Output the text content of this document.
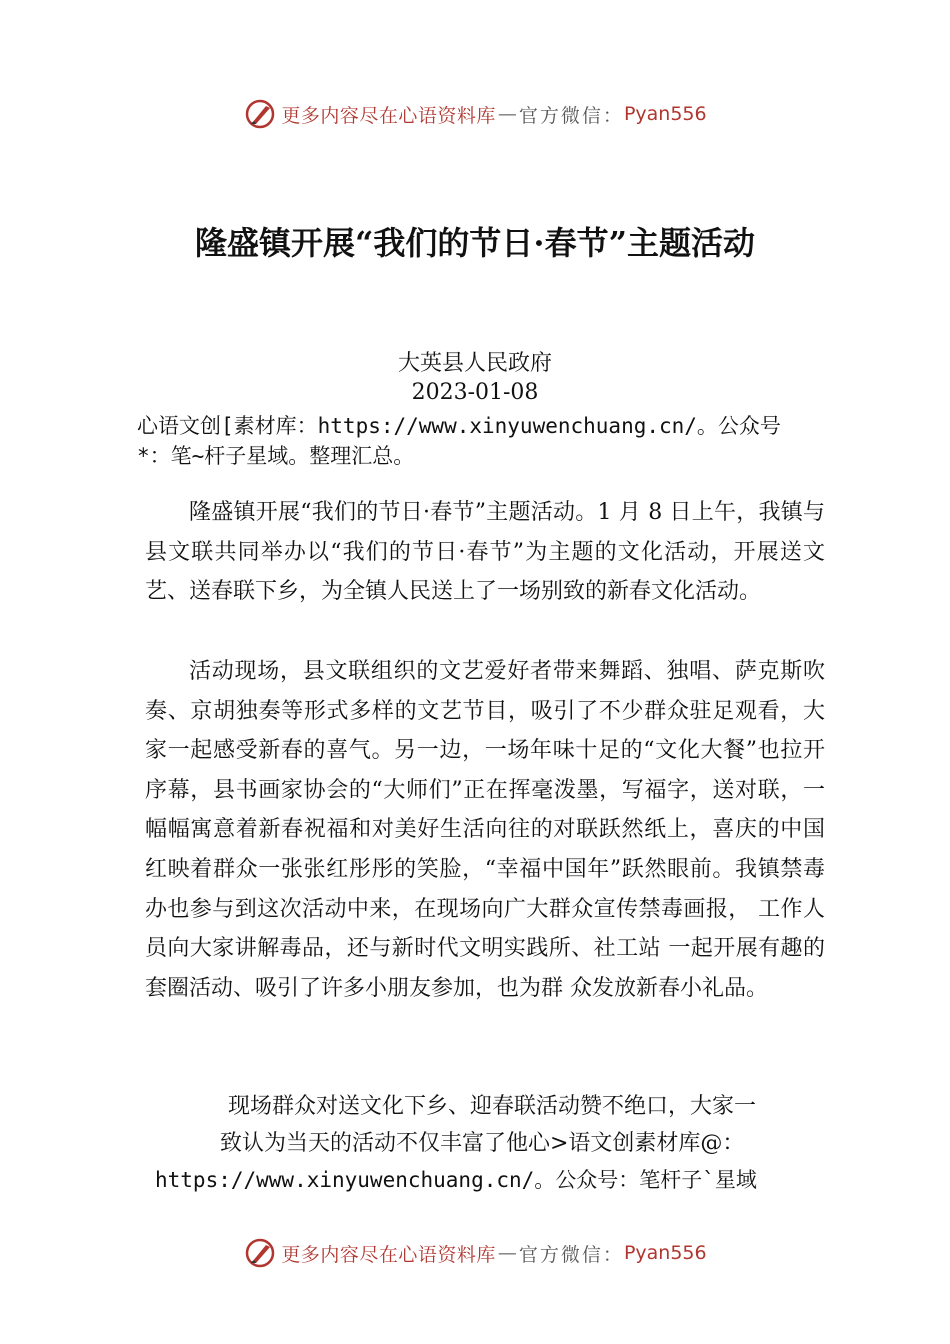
更多内容尽在心语资料库 — 官方微信： Pyan556
隆盛镇开展“我们的节日·春节”主题活动
大英县人民政府
2023-01-08
心语文创[素材库：https://www.xinyuwenchuang.cn/。公众号
*：笔~杆子星域。整理汇总。

隆盛镇开展“我们的节日·春节”主题活动。1 月 8 日上午，我镇与县文联共同举办以“我们的节日·春节”为主题的文化活动，开展送文艺、送春联下乡，为全镇人民送上了一场别致的新春文化活动。

活动现场，县文联组织的文艺爱好者带来舞蹈、独唱、萨克斯吹奏、京胡独奏等形式多样的文艺节目，吸引了不少群众驻足观看，大家一起感受新春的喜气。另一边，一场年味十足的“文化大餐”也拉开序幕，县书画家协会的“大师们”正在挥毫泼墨，写福字，送对联，一幅幅寓意着新春祝福和对美好生活向往的对联跃然纸上，喜庆的中国红映着群众一张张红彤彤的笑脸，“幸福中国年”跃然眼前。我镇禁毒 办也参与到这次活动中来，在现场向广大群众宣传禁毒画报， 工作人员向大家讲解毒品，还与新时代文明实践所、社工站 一起开展有趣的套圈活动、吸引了许多小朋友参加，也为群 众发放新春小礼品。

现场群众对送文化下乡、迎春联活动赞不绝口，大家一
致认为当天的活动不仅丰富了他心>语文创素材库@：
https://www.xinyuwenchuang.cn/。公众号：笔杆子`星域
更多内容尽在心语资料库 — 官方微信： Pyan556
